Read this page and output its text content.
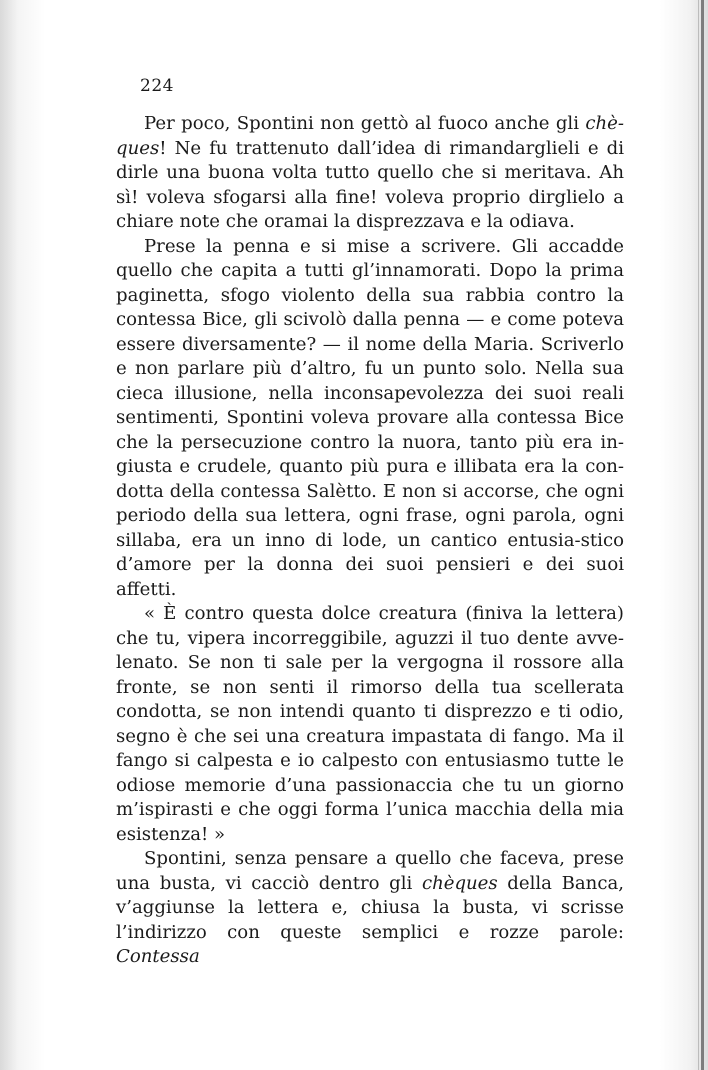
224

Per poco, Spontini non gettò al fuoco anche gli chè-ques! Ne fu trattenuto dall’idea di rimandarglieli e di dirle una buona volta tutto quello che si meritava. Ah sì! voleva sfogarsi alla fine! voleva proprio dirglielo a chiare note che oramai la disprezzava e la odiava.

Prese la penna e si mise a scrivere. Gli accadde quello che capita a tutti gl’innamorati. Dopo la prima paginetta, sfogo violento della sua rabbia contro la contessa Bice, gli scivolò dalla penna — e come poteva essere diversamente? — il nome della Maria. Scriverlo e non parlare più d’altro, fu un punto solo. Nella sua cieca illusione, nella inconsapevolezza dei suoi reali sentimenti, Spontini voleva provare alla contessa Bice che la persecuzione contro la nuora, tanto più era in-giusta e crudele, quanto più pura e illibata era la con-dotta della contessa Salètto. E non si accorse, che ogni periodo della sua lettera, ogni frase, ogni parola, ogni sillaba, era un inno di lode, un cantico entusia-stico d’amore per la donna dei suoi pensieri e dei suoi affetti.

« È contro questa dolce creatura (finiva la lettera) che tu, vipera incorreggibile, aguzzi il tuo dente avve-lenato. Se non ti sale per la vergogna il rossore alla fronte, se non senti il rimorso della tua scellerata condotta, se non intendi quanto ti disprezzo e ti odio, segno è che sei una creatura impastata di fango. Ma il fango si calpesta e io calpesto con entusiasmo tutte le odiose memorie d’una passionaccia che tu un giorno m’ispirasti e che oggi forma l’unica macchia della mia esistenza! »

Spontini, senza pensare a quello che faceva, prese una busta, vi cacciò dentro gli chèques della Banca, v’aggiunse la lettera e, chiusa la busta, vi scrisse l’indirizzo con queste semplici e rozze parole: Contessa
